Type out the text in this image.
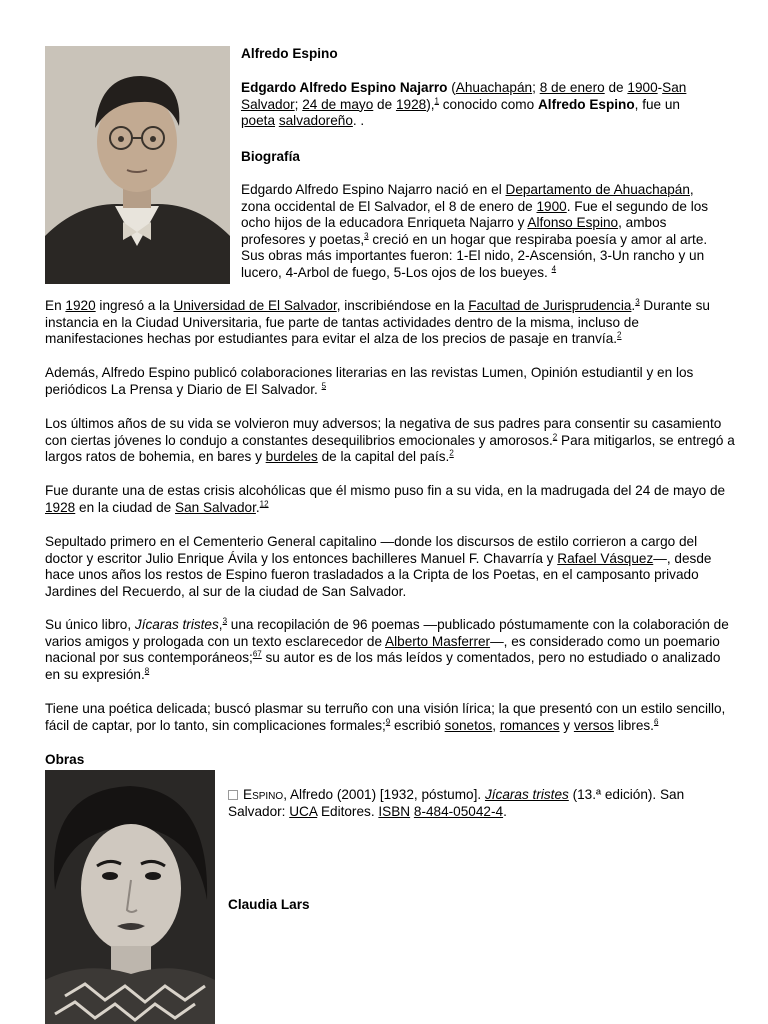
Alfredo Espino
Edgardo Alfredo Espino Najarro (Ahuachapán; 8 de enero de 1900-San Salvador; 24 de mayo de 1928),$^1$ conocido como Alfredo Espino, fue un poeta salvadoreño. .
Biografía
Edgardo Alfredo Espino Najarro nació en el Departamento de Ahuachapán, zona occidental de El Salvador, el 8 de enero de 1900. Fue el segundo de los ocho hijos de la educadora Enriqueta Najarro y Alfonso Espino, ambos profesores y poetas,$^3$ creció en un hogar que respiraba poesía y amor al arte. Sus obras más importantes fueron: 1-El nido, 2-Ascensión, 3-Un rancho y un lucero, 4-Arbol de fuego, 5-Los ojos de los bueyes. $^4$
En 1920 ingresó a la Universidad de El Salvador, inscribiéndose en la Facultad de Jurisprudencia.$^3$ Durante su instancia en la Ciudad Universitaria, fue parte de tantas actividades dentro de la misma, incluso de manifestaciones hechas por estudiantes para evitar el alza de los precios de pasaje en tranvía.$^2$
Además, Alfredo Espino publicó colaboraciones literarias en las revistas Lumen, Opinión estudiantil y en los periódicos La Prensa y Diario de El Salvador. $^5$
Los últimos años de su vida se volvieron muy adversos; la negativa de sus padres para consentir su casamiento con ciertas jóvenes lo condujo a constantes desequilibrios emocionales y amorosos.$^2$ Para mitigarlos, se entregó a largos ratos de bohemia, en bares y burdeles de la capital del país.$^2$
Fue durante una de estas crisis alcohólicas que él mismo puso fin a su vida, en la madrugada del 24 de mayo de 1928 en la ciudad de San Salvador.$^{12}$
Sepultado primero en el Cementerio General capitalino —donde los discursos de estilo corrieron a cargo del doctor y escritor Julio Enrique Ávila y los entonces bachilleres Manuel F. Chavarría y Rafael Vásquez—, desde hace unos años los restos de Espino fueron trasladados a la Cripta de los Poetas, en el camposanto privado Jardines del Recuerdo, al sur de la ciudad de San Salvador.
Su único libro, Jícaras tristes,$^3$ una recopilación de 96 poemas —publicado póstumamente con la colaboración de varios amigos y prologada con un texto esclarecedor de Alberto Masferrer—, es considerado como un poemario nacional por sus contemporáneos;$^{67}$ su autor es de los más leídos y comentados, pero no estudiado o analizado en su expresión.$^8$
Tiene una poética delicada; buscó plasmar su terruño con una visión lírica; la que presentó con un estilo sencillo, fácil de captar, por lo tanto, sin complicaciones formales;$^9$ escribió sonetos, romances y versos libres.$^6$
Obras
Espino, Alfredo (2001) [1932, póstumo]. Jícaras tristes (13.ª edición). San Salvador: UCA Editores. ISBN 8-484-05042-4.
Claudia Lars
